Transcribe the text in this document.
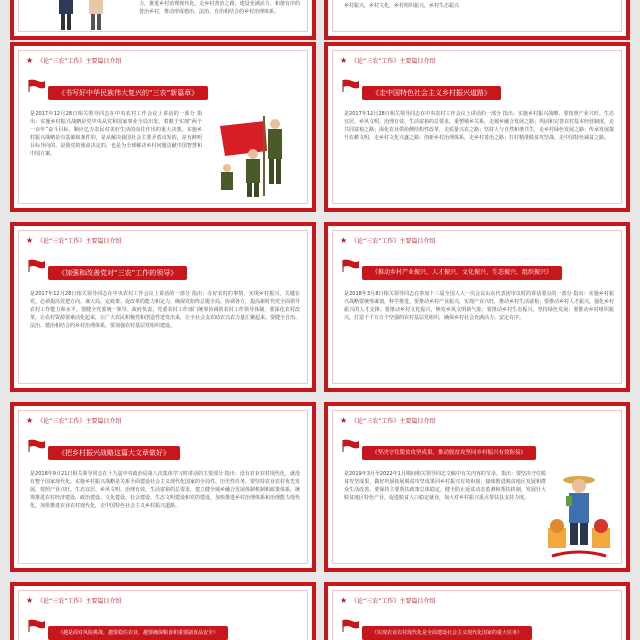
力，推进乡村治理现代化，走乡村善治之路，建设充满活力、和谐有序的善治乡村，推动形成德治、法治、自治相结合的乡村治理体系。
乡村振兴，乡村文化，乡村组织振兴，乡村生态振兴
★ 《论“三农”工作》主要篇目介绍
《书写好中华民族伟大复兴的“三农”新篇章》
是2017年12月28日相关领导同志在中央农村工作会议上讲话的一部分 指出：实施乡村振兴战略是党中央从党和国家事业全局出发、着眼于实现“两个一百年”奋斗目标、顺应亿万农民对美好生活的向往作出的重大决策。实施乡村振兴战略是有基础和条件的，是从解决我国社会主要矛盾出发的，是有鲜明目标导向的，是我党的使命决定的，也是为全球解决乡村问题贡献中国智慧和中国方案。
★ 《论“三农”工作》主要篇目介绍
《走中国特色社会主义乡村振兴道路》
是2017年12月28日相关领导同志在中央农村工作会议上讲话的一部分 指出：实施乡村振兴战略，要按照产业兴旺、生态宜居、乡风文明、治理有效、生活富裕的总要求，重塑城乡关系，走城乡融合发展之路；巩固和完善农村基本经营制度，走共同富裕之路；深化农业供给侧结构性改革，走质量兴农之路；坚持人与自然和谐共生，走乡村绿色发展之路；传承发展提升农耕文明，走乡村文化兴盛之路；创新乡村治理体系，走乡村善治之路；打好精准脱贫攻坚战，走中国特色减贫之路。
★ 《论“三农”工作》主要篇目介绍
《加强和改善党对“三农”工作的领导》
是2017年12月28日相关领导同志在中央农村工作会议上讲话的一部分 指出：办好农村的事情，实现乡村振兴，关键在党。必须提高党把方向、谋大局、定政策、促改革的能力和定力，确保党始终总揽全局、协调各方，提高新时代党全面领导农村工作能力和水平。要健全党委统一领导、政府负责、党委农村工作部门统筹协调的农村工作领导体制，要深化农村改革，让农村资源要素活化起来，让广大农民积极性和创造性迸发出来，让全社会支农助农兴农力量汇聚起来。要健全自治、法治、德治相结合的乡村治理体系，要加强农村基层党组织建设。
★ 《论“三农”工作》主要篇目介绍
《推动乡村产业振兴、人才振兴、文化振兴、生态振兴、组织振兴》
是2018年3月8日相关领导同志在参加十三届全国人大一次会议山东代表团审议时的讲话要点的一部分 指出：实施乡村振兴战略要统筹谋划，科学推进。要推动乡村产业振兴，实现产业兴旺，推动乡村生活富裕；要推动乡村人才振兴，强化乡村振兴的人才支撑；要推动乡村文化振兴，焕发乡风文明新气象；要推动乡村生态振兴，坚持绿色发展；要推动乡村组织振兴，打造千千万万个坚强的农村基层党组织，确保乡村社会充满活力、安定有序。
★ 《论“三农”工作》主要篇目介绍
《把乡村振兴战略这篇大文章做好》
是2018年9月21日相关领导同志在十九届中央政治局第八次集体学习时讲话的主要部分 指出：没有农业农村现代化，就没有整个国家现代化。实施乡村振兴战略是关系全面建设社会主义现代化国家的全局性、历史性任务。要坚持农业农村优先发展，按照产业兴旺、生态宜居、乡风文明、治理有效、生活富裕的总要求，建立健全城乡融合发展体制机制和政策体系，统筹推进农村经济建设、政治建设、文化建设、社会建设、生态文明建设和党的建设，加快推进乡村治理体系和治理能力现代化，加快推进农业农村现代化，走中国特色社会主义乡村振兴道路。
★ 《论“三农”工作》主要篇目介绍
《坚决守住脱贫攻坚成果，推动脱贫攻坚同乡村振兴有效衔接》
是2019年3月至2022年1月期间相关领导同志文稿中有关内容的节录。指出：要坚决守住脱贫攻坚成果，做好巩固拓展脱贫攻坚成果同乡村振兴有效衔接，接续推进脱贫地区发展和群众生活改善。要保持主要帮扶政策总体稳定，健全防止返贫动态监测和帮扶机制，发展壮大脱贫地区特色产业，促进脱贫人口稳定就业，加大对乡村振兴重点帮扶县支持力度。
★ 《论“三农”工作》主要篇目介绍
《越是面对风险挑战，越要稳住农业，越要确保粮食和重要副食品安全》
★ 《论“三农”工作》主要篇目介绍
《实现农业农村现代化是全面建设社会主义现代化国家的重大任务》
